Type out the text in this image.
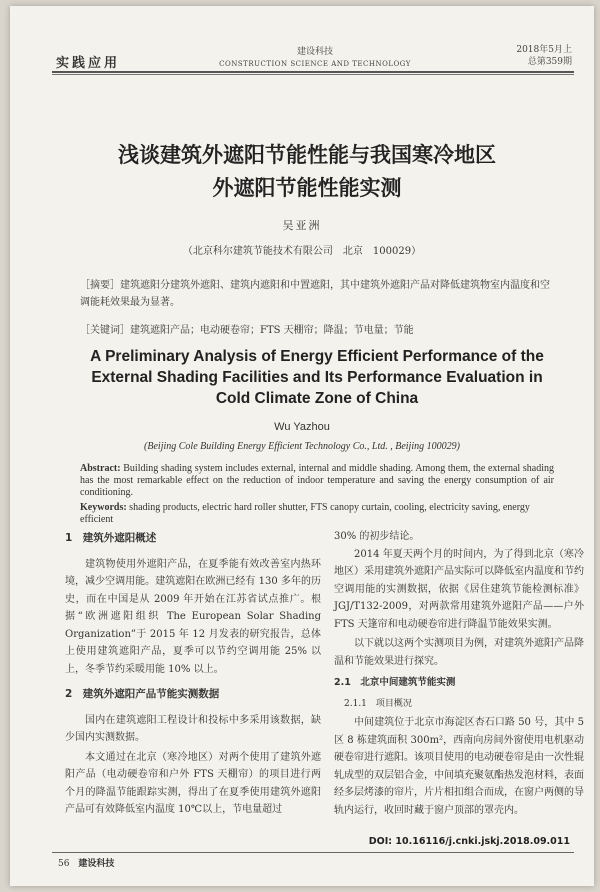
实践应用
建设科技
CONSTRUCTION SCIENCE AND TECHNOLOGY
2018年5月上
总第359期
浅谈建筑外遮阳节能性能与我国寒冷地区
外遮阳节能性能实测
吴亚洲
（北京科尔建筑节能技术有限公司　北京　100029）
［摘要］建筑遮阳分建筑外遮阳、建筑内遮阳和中置遮阳，其中建筑外遮阳产品对降低建筑物室内温度和空调能耗效果最为显著。
［关键词］建筑遮阳产品；电动硬卷帘；FTS 天棚帘；降温；节电量；节能
A Preliminary Analysis of Energy Efficient Performance of the
External Shading Facilities and Its Performance Evaluation in
Cold Climate Zone of China
Wu Yazhou
(Beijing Cole Building Energy Efficient Technology Co., Ltd. , Beijing 100029)
Abstract: Building shading system includes external, internal and middle shading. Among them, the external shading has the most remarkable effect on the reduction of indoor temperature and saving the energy consumption of air conditioning.
Keywords: shading products, electric hard roller shutter, FTS canopy curtain, cooling, electricity saving, energy efficient
1　建筑外遮阳概述

建筑物使用外遮阳产品，在夏季能有效改善室内热环境，减少空调用能。建筑遮阳在欧洲已经有 130 多年的历史，而在中国是从 2009 年开始在江苏省试点推广。根据“欧洲遮阳组织 The European Solar Shading Organization”于 2015 年 12 月发表的研究报告，总体上使用建筑遮阳产品，夏季可以节约空调用能 25% 以上，冬季节约采暖用能 10% 以上。

2　建筑外遮阳产品节能实测数据

国内在建筑遮阳工程设计和投标中多采用该数据，缺少国内实测数据。

本文通过在北京（寒冷地区）对两个使用了建筑外遮阳产品（电动硬卷帘和户外 FTS 天棚帘）的项目进行两个月的降温节能跟踪实测，得出了在夏季使用建筑外遮阳产品可有效降低室内温度 10℃以上，节电量超过

30% 的初步结论。

2014 年夏天两个月的时间内，为了得到北京（寒冷地区）采用建筑外遮阳产品实际可以降低室内温度和节约空调用能的实测数据，依据《居住建筑节能检测标准》JGJ/T132-2009，对两款常用建筑外遮阳产品——户外 FTS 天篷帘和电动硬卷帘进行降温节能效果实测。

以下就以这两个实测项目为例，对建筑外遮阳产品降温和节能效果进行探究。

2.1　北京中间建筑节能实测
2.1.1　项目概况

中间建筑位于北京市海淀区杏石口路 50 号，其中 5 区 8 栋建筑面积 300m²，西南向房间外窗使用电机驱动硬卷帘进行遮阳。该项目使用的电动硬卷帘是由一次性辊轧成型的双层铝合金，中间填充聚氨酯热发泡材料，表面经多层烤漆的帘片，片片相扣组合而成，在窗户两侧的导轨内运行，收回时藏于窗户顶部的罩壳内。

DOI: 10.16116/j.cnki.jskj.2018.09.011
56 建设科技
